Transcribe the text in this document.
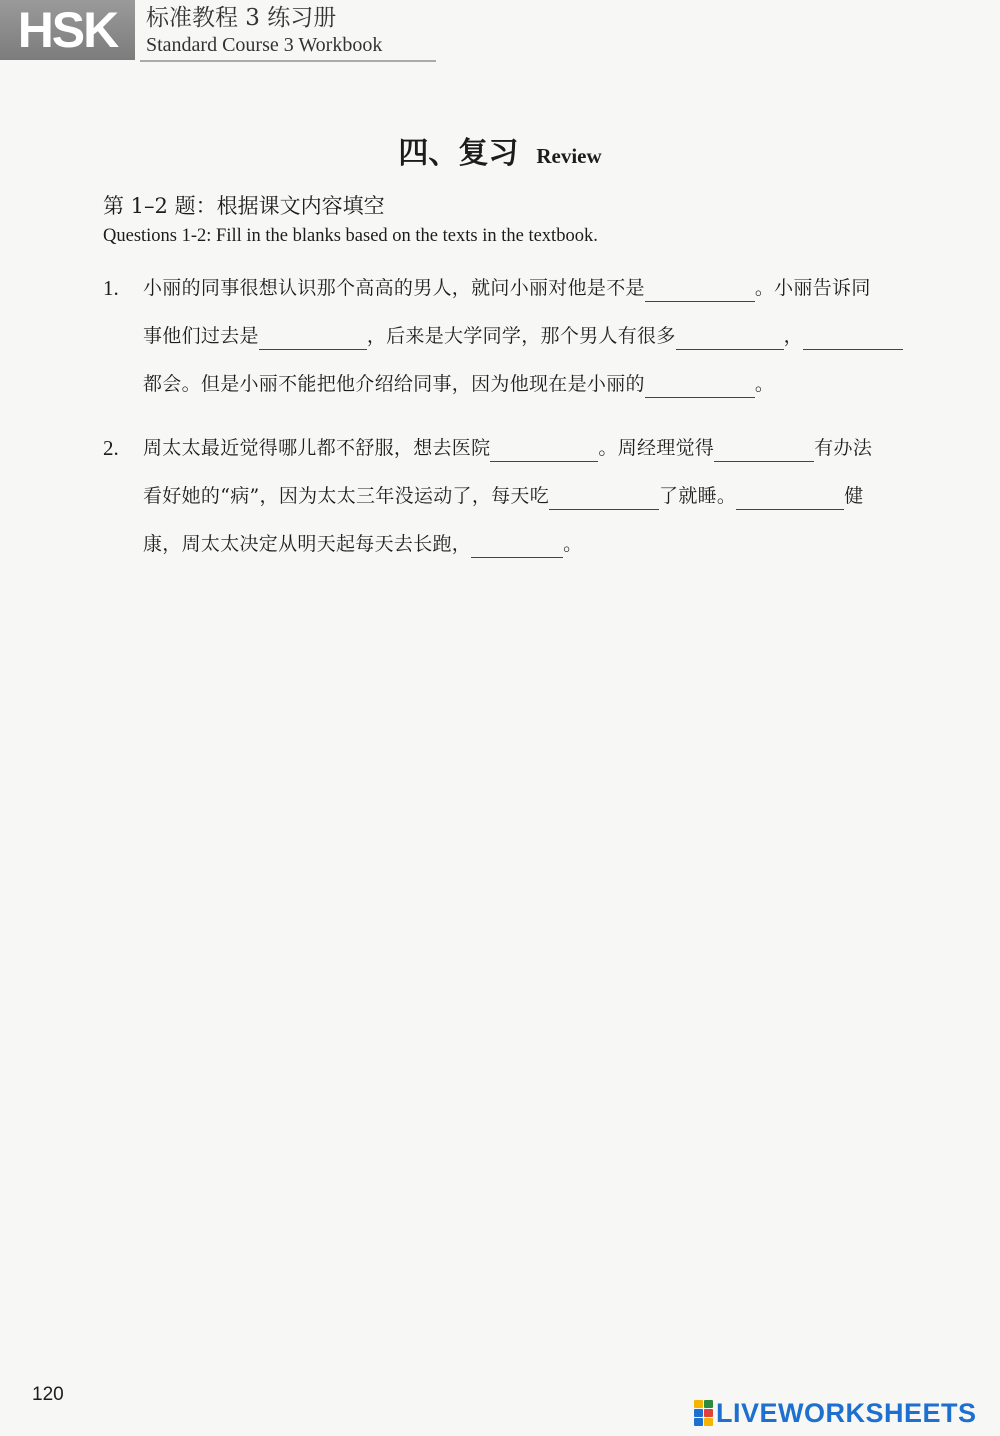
HSK	标准教程 3 练习册
Standard Course 3 Workbook
四、复习 Review
第 1–2 题：根据课文内容填空
Questions 1-2: Fill in the blanks based on the texts in the textbook.
1. 小丽的同事很想认识那个高高的男人，就问小丽对他是不是	。小丽告诉同
事他们过去是	，后来是大学同学，那个男人有很多	，
都会。但是小丽不能把他介绍给同事，因为他现在是小丽的	。
2. 周太太最近觉得哪儿都不舒服，想去医院	。周经理觉得	有办法
看好她的“病”，因为太太三年没运动了，每天吃	了就睡。	健
康，周太太决定从明天起每天去长跑，	。
120
LIVEWORKSHEETS
